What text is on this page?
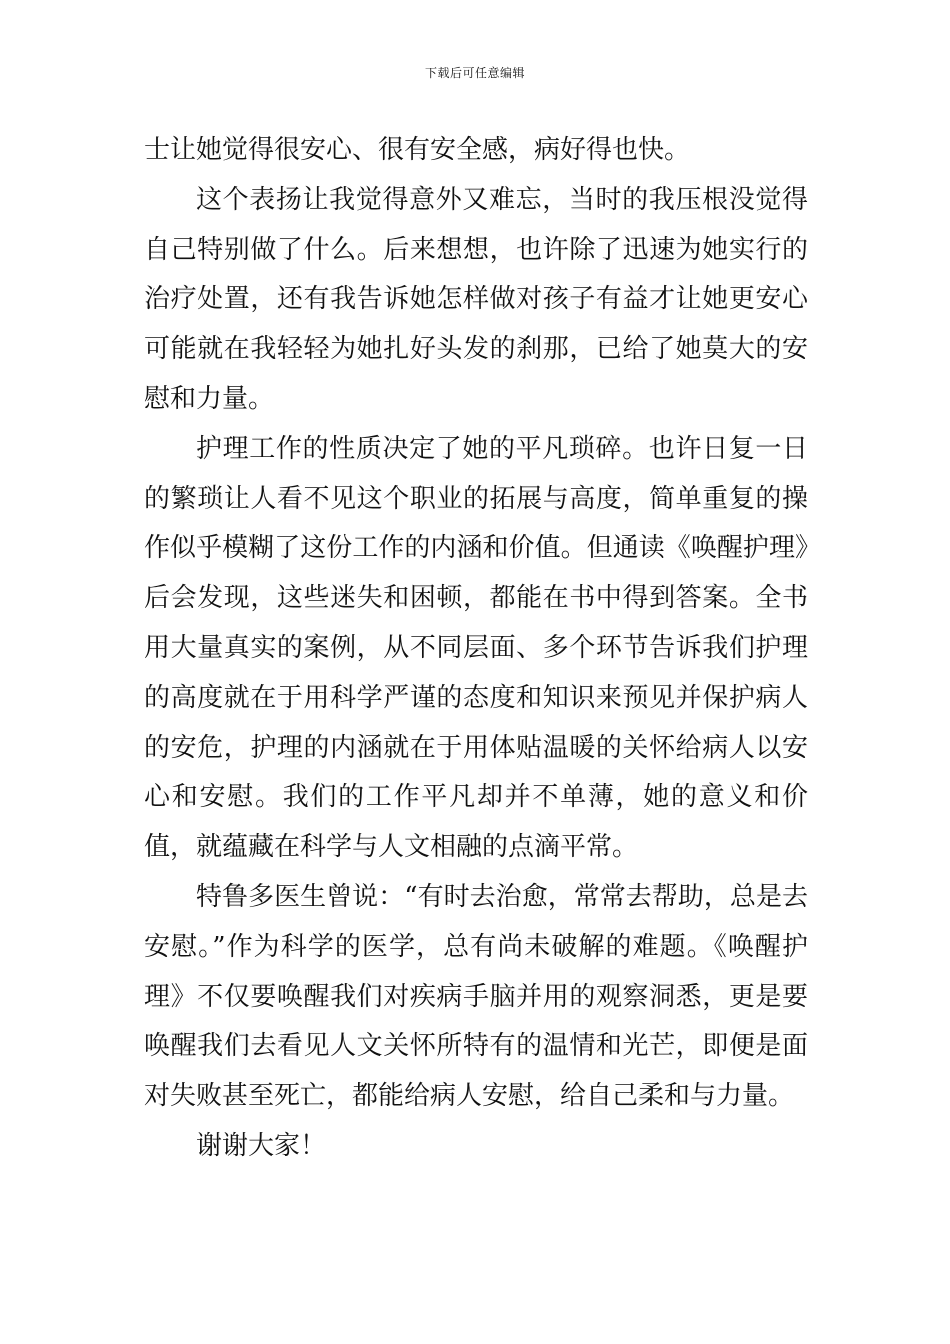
下载后可任意编辑

士让她觉得很安心、很有安全感，病好得也快。

这个表扬让我觉得意外又难忘，当时的我压根没觉得自己特别做了什么。后来想想，也许除了迅速为她实行的治疗处置，还有我告诉她怎样做对孩子有益才让她更安心可能就在我轻轻为她扎好头发的刹那，已给了她莫大的安慰和力量。

护理工作的性质决定了她的平凡琐碎。也许日复一日的繁琐让人看不见这个职业的拓展与高度，简单重复的操作似乎模糊了这份工作的内涵和价值。但通读《唤醒护理》后会发现，这些迷失和困顿，都能在书中得到答案。全书用大量真实的案例，从不同层面、多个环节告诉我们护理的高度就在于用科学严谨的态度和知识来预见并保护病人的安危，护理的内涵就在于用体贴温暖的关怀给病人以安心和安慰。我们的工作平凡却并不单薄，她的意义和价值，就蕴藏在科学与人文相融的点滴平常。

特鲁多医生曾说：“有时去治愈，常常去帮助，总是去安慰。”作为科学的医学，总有尚未破解的难题。《唤醒护理》不仅要唤醒我们对疾病手脑并用的观察洞悉，更是要唤醒我们去看见人文关怀所特有的温情和光芒，即便是面对失败甚至死亡，都能给病人安慰，给自己柔和与力量。

谢谢大家！
